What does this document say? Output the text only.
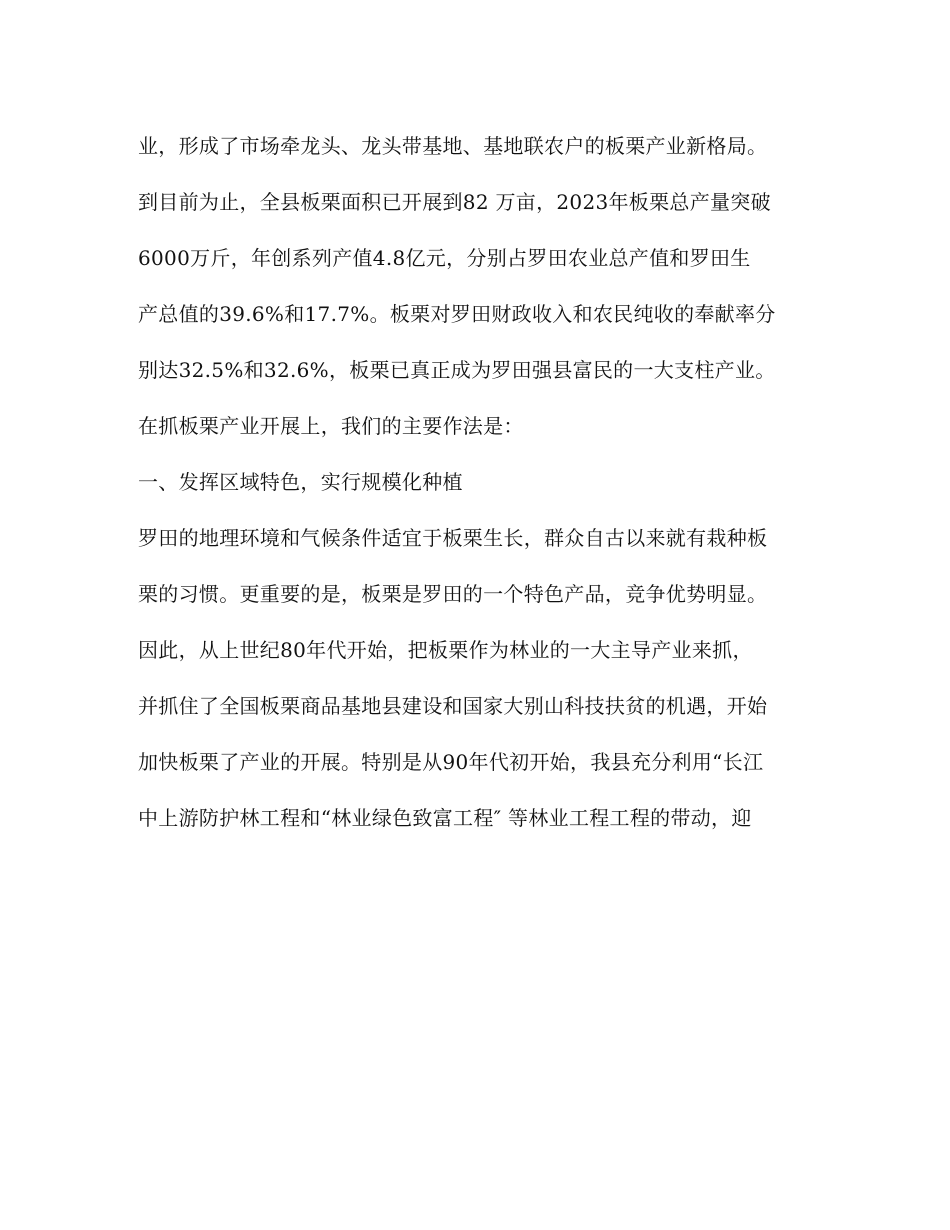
业，形成了市场牵龙头、龙头带基地、基地联农户的板栗产业新格局。
到目前为止，全县板栗面积已开展到82 万亩，2023年板栗总产量突破
6000万斤，年创系列产值4.8亿元，分别占罗田农业总产值和罗田生
产总值的39.6%和17.7%。板栗对罗田财政收入和农民纯收的奉献率分
别达32.5%和32.6%，板栗已真正成为罗田强县富民的一大支柱产业。
在抓板栗产业开展上，我们的主要作法是：
一、发挥区域特色，实行规模化种植
罗田的地理环境和气候条件适宜于板栗生长，群众自古以来就有栽种板
栗的习惯。更重要的是，板栗是罗田的一个特色产品，竞争优势明显。
因此，从上世纪80年代开始，把板栗作为林业的一大主导产业来抓，
并抓住了全国板栗商品基地县建设和国家大别山科技扶贫的机遇，开始
加快板栗了产业的开展。特别是从90年代初开始，我县充分利用“长江
中上游防护林工程和“林业绿色致富工程″ 等林业工程工程的带动，迎
